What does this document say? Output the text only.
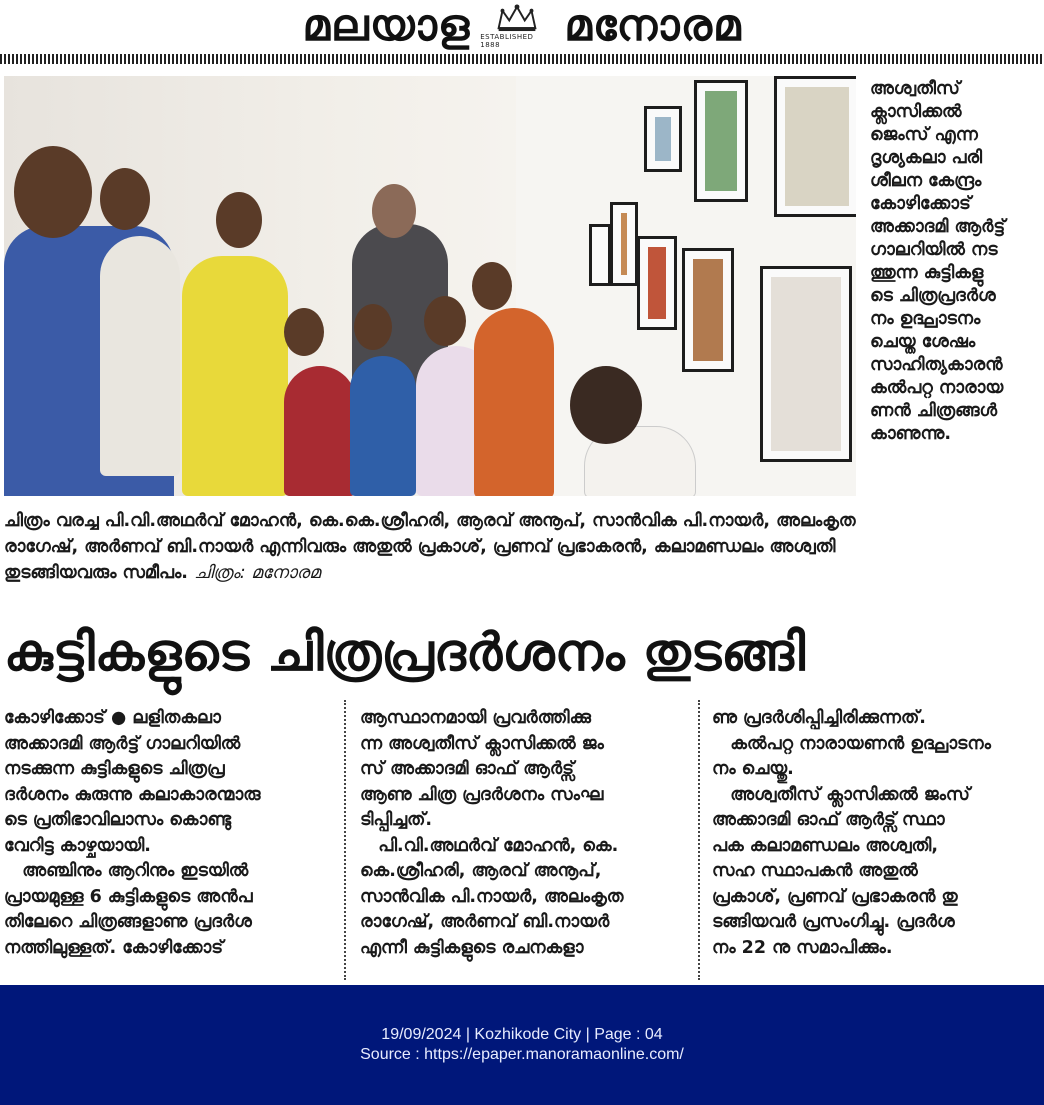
മലയാള ESTABLISHED 1888	മനോരമ
അശ്വതീസ്
ക്ലാസിക്കൽ
ജെംസ് എന്ന
ദൃശ്യകലാ പരി
ശീലന കേന്ദ്രം
കോഴിക്കോട്
അക്കാദമി ആർട്ട്
ഗാലറിയിൽ നട
ത്തുന്ന കുട്ടികളു
ടെ ചിത്രപ്രദർശ
നം ഉദ്ഘാടനം
ചെയ്ത ശേഷം
സാഹിത്യകാരൻ
കൽപറ്റ നാരായ
ണൻ ചിത്രങ്ങൾ
കാണുന്നു.
ചിത്രം വരച്ച പി.വി.അഥർവ് മോഹൻ, കെ.കെ.ശ്രീഹരി, ആരവ് അനൂപ്, സാൻവിക പി.നായർ, അലംകൃത
രാഗേഷ്, അർണവ് ബി.നായർ എന്നിവരും അതുൽ പ്രകാശ്, പ്രണവ് പ്രഭാകരൻ, കലാമണ്ഡലം അശ്വതി
തുടങ്ങിയവരും സമീപം. ചിത്രം: മനോരമ
കുട്ടികളുടെ ചിത്രപ്രദർശനം തുടങ്ങി
കോഴിക്കോട് ● ലളിതകലാ
അക്കാദമി ആർട്ട് ഗാലറിയിൽ
നടക്കുന്ന കുട്ടികളുടെ ചിത്രപ്ര
ദർശനം കുരുന്നു കലാകാരന്മാരു
ടെ പ്രതിഭാവിലാസം കൊണ്ടു
വേറിട്ട കാഴ്ചയായി.
അഞ്ചിനും ആറിനും ഇടയിൽ
പ്രായമുള്ള 6 കുട്ടികളുടെ അൻപ
തിലേറെ ചിത്രങ്ങളാണു പ്രദർശ
നത്തിലുള്ളത്. കോഴിക്കോട്
ആസ്ഥാനമായി പ്രവർത്തിക്കു
ന്ന അശ്വതീസ് ക്ലാസിക്കൽ ജം
സ് അക്കാദമി ഓഫ് ആർട്സ്
ആണു ചിത്ര പ്രദർശനം സംഘ
ടിപ്പിച്ചത്.
പി.വി.അഥർവ് മോഹൻ, കെ.
കെ.ശ്രീഹരി, ആരവ് അനൂപ്,
സാൻവിക പി.നായർ, അലംകൃത
രാഗേഷ്, അർണവ് ബി.നായർ
എന്നീ കുട്ടികളുടെ രചനകളാ
ണു പ്രദർശിപ്പിച്ചിരിക്കുന്നത്.
കൽപറ്റ നാരായണൻ ഉദ്ഘാടനം
നം ചെയ്തു.
അശ്വതീസ് ക്ലാസിക്കൽ ജംസ്
അക്കാദമി ഓഫ് ആർട്സ് സ്ഥാ
പക കലാമണ്ഡലം അശ്വതി,
സഹ സ്ഥാപകൻ അതുൽ
പ്രകാശ്, പ്രണവ് പ്രഭാകരൻ തു
ടങ്ങിയവർ പ്രസംഗിച്ചു. പ്രദർശ
നം 22 നു സമാപിക്കും.
19/09/2024 | Kozhikode City | Page : 04
Source : https://epaper.manoramaonline.com/
